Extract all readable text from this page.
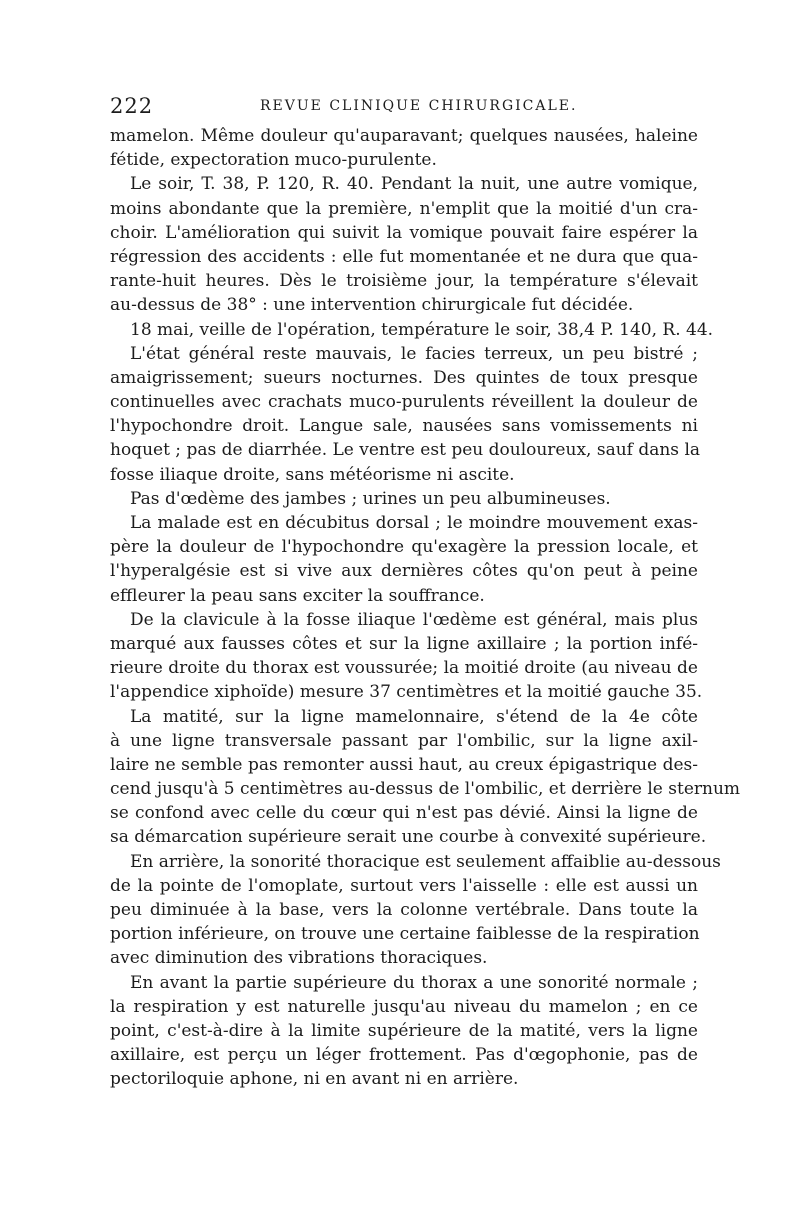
222	REVUE CLINIQUE CHIRURGICALE.
mamelon. Même douleur qu'auparavant; quelques nausées, haleine
fétide, expectoration muco-purulente.
Le soir, T. 38, P. 120, R. 40. Pendant la nuit, une autre vomique,
moins abondante que la première, n'emplit que la moitié d'un cra-
choir. L'amélioration qui suivit la vomique pouvait faire espérer la
régression des accidents : elle fut momentanée et ne dura que qua-
rante-huit heures. Dès le troisième jour, la température s'élevait
au-dessus de 38° : une intervention chirurgicale fut décidée.
18 mai, veille de l'opération, température le soir, 38,4 P. 140, R. 44.
L'état général reste mauvais, le facies terreux, un peu bistré ;
amaigrissement; sueurs nocturnes. Des quintes de toux presque
continuelles avec crachats muco-purulents réveillent la douleur de
l'hypochondre droit. Langue sale, nausées sans vomissements ni
hoquet ; pas de diarrhée. Le ventre est peu douloureux, sauf dans la
fosse iliaque droite, sans météorisme ni ascite.
Pas d'œdème des jambes ; urines un peu albumineuses.
La malade est en décubitus dorsal ; le moindre mouvement exas-
père la douleur de l'hypochondre qu'exagère la pression locale, et
l'hyperalgésie est si vive aux dernières côtes qu'on peut à peine
effleurer la peau sans exciter la souffrance.
De la clavicule à la fosse iliaque l'œdème est général, mais plus
marqué aux fausses côtes et sur la ligne axillaire ; la portion infé-
rieure droite du thorax est voussurée; la moitié droite (au niveau de
l'appendice xiphoïde) mesure 37 centimètres et la moitié gauche 35.
La matité, sur la ligne mamelonnaire, s'étend de la 4e côte
à une ligne transversale passant par l'ombilic, sur la ligne axil-
laire ne semble pas remonter aussi haut, au creux épigastrique des-
cend jusqu'à 5 centimètres au-dessus de l'ombilic, et derrière le sternum
se confond avec celle du cœur qui n'est pas dévié. Ainsi la ligne de
sa démarcation supérieure serait une courbe à convexité supérieure.
En arrière, la sonorité thoracique est seulement affaiblie au-dessous
de la pointe de l'omoplate, surtout vers l'aisselle : elle est aussi un
peu diminuée à la base, vers la colonne vertébrale. Dans toute la
portion inférieure, on trouve une certaine faiblesse de la respiration
avec diminution des vibrations thoraciques.
En avant la partie supérieure du thorax a une sonorité normale ;
la respiration y est naturelle jusqu'au niveau du mamelon ; en ce
point, c'est-à-dire à la limite supérieure de la matité, vers la ligne
axillaire, est perçu un léger frottement. Pas d'œgophonie, pas de
pectoriloquie aphone, ni en avant ni en arrière.
